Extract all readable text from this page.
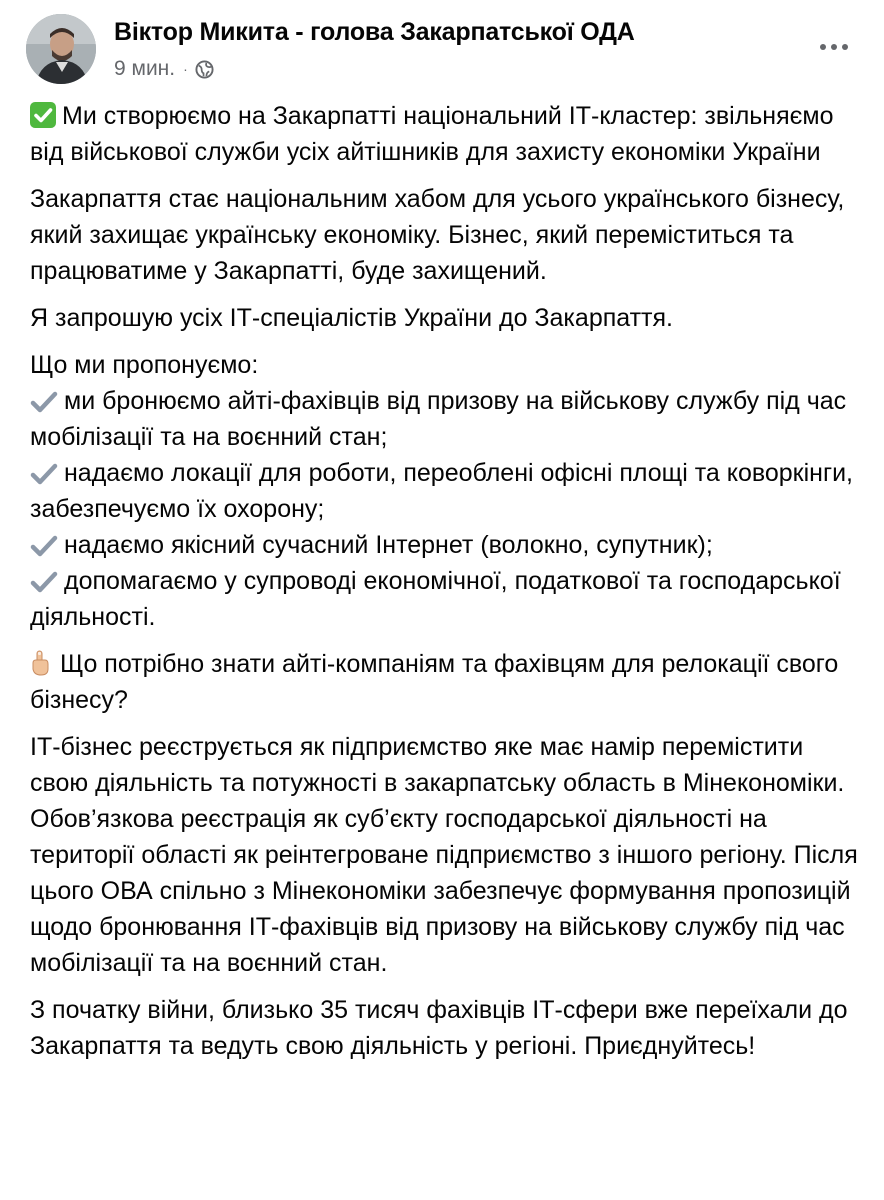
Віктор Микита - голова Закарпатської ОДА
9 мин. ·

Ми створюємо на Закарпатті національний ІТ-кластер: звільняємо від військової служби усіх айтішників для захисту економіки України

Закарпаття стає національним хабом для усього українського бізнесу, який захищає українську економіку. Бізнес, який переміститься та працюватиме у Закарпатті, буде захищений.

Я запрошую усіх ІТ-спеціалістів України до Закарпаття.

Що ми пропонуємо:

ми бронюємо айті-фахівців від призову на військову службу під час мобілізації та на воєнний стан;

надаємо локації для роботи, переоблені офісні площі та коворкінги, забезпечуємо їх охорону;

надаємо якісний сучасний Інтернет (волокно, супутник);

допомагаємо у супроводі економічної, податкової та господарської діяльності.

Що потрібно знати айті-компаніям та фахівцям для релокації свого бізнесу?

ІТ-бізнес реєструється як підприємство яке має намір перемістити свою діяльність та потужності в закарпатську область в Мінекономіки. Обов’язкова реєстрація як суб’єкту господарської діяльності на території області як реінтегроване підприємство з іншого регіону. Після цього ОВА спільно з Мінекономіки забезпечує формування пропозицій щодо бронювання ІТ-фахівців від призову на військову службу під час мобілізації та на воєнний стан.

З початку війни, близько 35 тисяч фахівців ІТ-сфери вже переїхали до Закарпаття та ведуть свою діяльність у регіоні. Приєднуйтесь!
